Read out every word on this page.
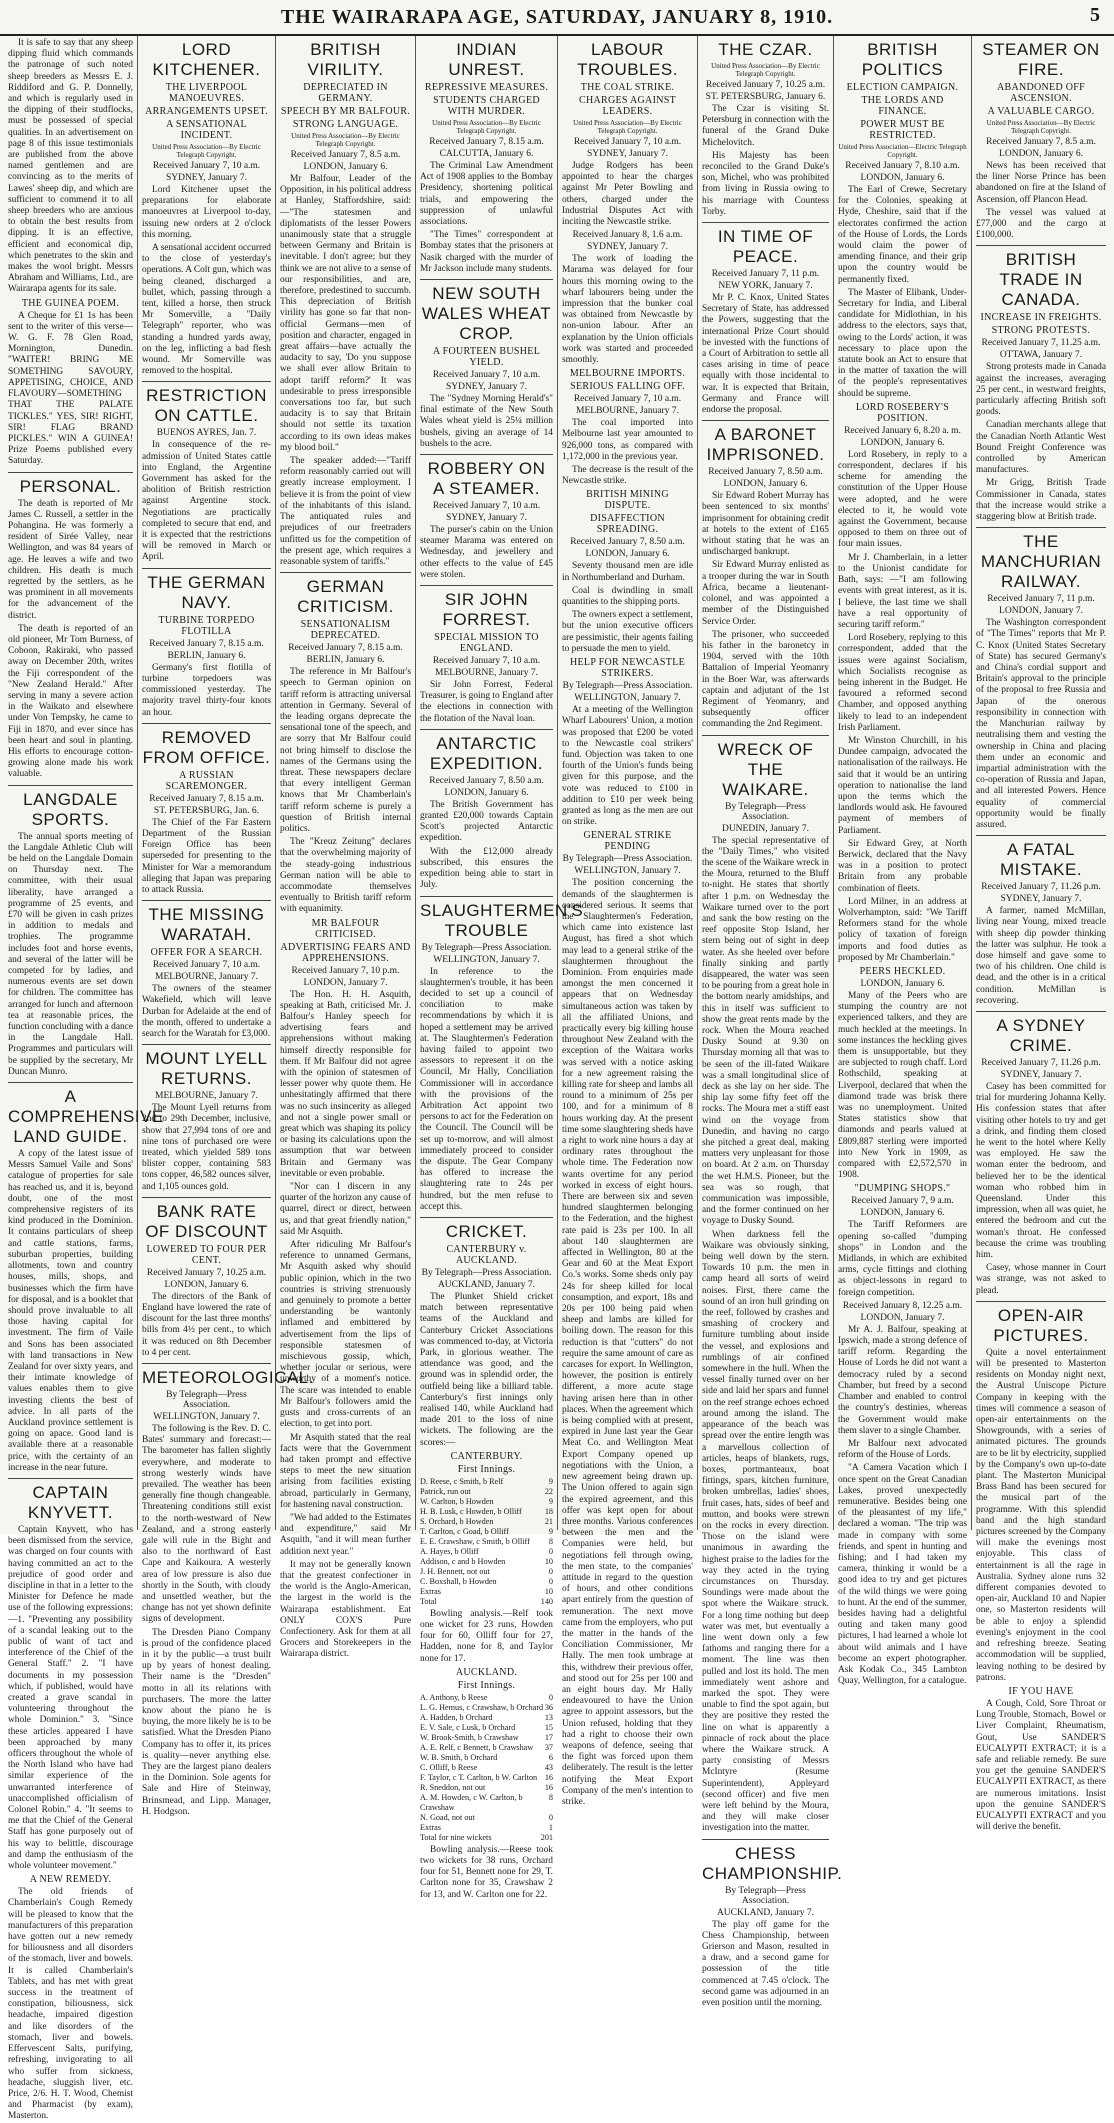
THE WAIRARAPA AGE, SATURDAY, JANUARY 8, 1910.	5

It is safe to say that any sheep dipping fluid which commands the patronage of such noted sheep breeders as Messrs E. J. Riddiford and G. P. Donnelly, and which is regularly used in the dipping of their studflocks, must be possessed of special qualities. In an advertisement on page 8 of this issue testimonials are published from the above named gentlemen and are convincing as to the merits of Lawes' sheep dip, and which are sufficient to commend it to all sheep breeders who are anxious to obtain the best results from dipping. It is an effective, efficient and economical dip, which penetrates to the skin and makes the wool bright. Messrs Abraham and Williams, Ltd., are Wairarapa agents for its sale.

THE GUINEA POEM.

A Cheque for £1 1s has been sent to the writer of this verse—W. G. F. 78 Glen Road, Mornington, Dunedin. "WAITER! BRING ME SOMETHING SAVOURY, APPETISING, CHOICE, AND FLAVOURY—SOMETHING THAT THE PALATE TICKLES." YES, SIR! RIGHT, SIR! FLAG BRAND PICKLES." WIN A GUINEA! Prize Poems published every Saturday.

PERSONAL.

The death is reported of Mr James C. Russell, a settler in the Pohangina. He was formerly a resident of Sirée Valley, near Wellington, and was 84 years of age. He leaves a wife and two children. His death is much regretted by the settlers, as he was prominent in all movements for the advancement of the district.

The death is reported of an old pioneer, Mr Tom Burness, of Coboon, Rakiraki, who passed away on December 20th, writes the Fiji correspondent of the "New Zealand Herald." After serving in many a severe action in the Waikato and elsewhere under Von Tempsky, he came to Fiji in 1870, and ever since has been heart and soul in planting. His efforts to encourage cotton-growing alone made his work valuable.

LANGDALE SPORTS.

The annual sports meeting of the Langdale Athletic Club will be held on the Langdale Domain on Thursday next. The committee, with their usual liberality, have arranged a programme of 25 events, and £70 will be given in cash prizes in addition to medals and trophies. The programme includes foot and horse events, and several of the latter will be competed for by ladies, and numerous events are set down for children. The committee has arranged for lunch and afternoon tea at reasonable prices, the function concluding with a dance in the Langdale Hall. Programmes and particulars will be supplied by the secretary, Mr Duncan Munro.

A COMPREHENSIVE LAND GUIDE.

A copy of the latest issue of Messrs Samuel Vaile and Sons' catalogue of properties for sale has reached us, and it is, beyond doubt, one of the most comprehensive registers of its kind produced in the Dominion. It contains particulars of sheep and cattle stations, farms, suburban properties, building allotments, town and country houses, mills, shops, and businesses which the firm have for disposal, and is a booklet that should prove invaluable to all those having capital for investment. The firm of Vaile and Sons has been associated with land transactions in New Zealand for over sixty years, and their intimate knowledge of values enables them to give investing clients the best of advice. In all parts of the Auckland province settlement is going on apace. Good land is available there at a reasonable price, with the certainty of an increase in the near future.

CAPTAIN KNYVETT.

Captain Knyvett, who has been dismissed from the service, was charged on four counts with having committed an act to the prejudice of good order and discipline in that in a letter to the Minister for Defence he made use of the following expressions:—1. "Preventing any possibility of a scandal leaking out to the public of want of tact and interference of the Chief of the General Staff." 2. "I have documents in my possession which, if published, would have created a grave scandal in volunteering throughout the whole Dominion." 3. "Since these articles appeared I have been approached by many officers throughout the whole of the North Island who have had similar experience of the unwarranted interference of unaccomplished officialism of Colonel Robin." 4. "It seems to me that the Chief of the General Staff has gone purposely out of his way to belittle, discourage and damp the enthusiasm of the whole volunteer movement."

A NEW REMEDY.

The old friends of Chamberlain's Cough Remedy will be pleased to know that the manufacturers of this preparation have gotten out a new remedy for biliousness and all disorders of the stomach, liver and bowels. It is called Chamberlain's Tablets, and has met with great success in the treatment of constipation, biliousness, sick headache, impaired digestion and like disorders of the stomach, liver and bowels. Effervescent Salts, purifying, refreshing, invigorating to all who suffer from sickness, headache, sluggish liver, etc. Price, 2/6. H. T. Wood, Chemist and Pharmacist (by exam), Masterton.

LORD KITCHENER.
THE LIVERPOOL MANOEUVRES.
ARRANGEMENTS UPSET.
A SENSATIONAL INCIDENT.
United Press Association—By Electric Telegraph Copyright.
Received January 7, 10 a.m.
SYDNEY, January 7.

Lord Kitchener upset the preparations for elaborate manoeuvres at Liverpool to-day, issuing new orders at 2 o'clock this morning.

A sensational accident occurred to the close of yesterday's operations. A Colt gun, which was being cleaned, discharged a bullet, which, passing through a tent, killed a horse, then struck Mr Somerville, a "Daily Telegraph" reporter, who was standing a hundred yards away, on the leg, inflicting a bad flesh wound. Mr Somerville was removed to the hospital.

RESTRICTION ON CATTLE.
BUENOS AYRES, Jan. 7.

In consequence of the re-admission of United States cattle into England, the Argentine Government has asked for the abolition of British restriction against Argentine stock. Negotiations are practically completed to secure that end, and it is expected that the restrictions will be removed in March or April.

THE GERMAN NAVY.
TURBINE TORPEDO FLOTILLA
Received January 7, 8.15 a.m.
BERLIN, January 6.

Germany's first flotilla of turbine torpedoers was commissioned yesterday. The majority travel thirty-four knots an hour.

REMOVED FROM OFFICE.
A RUSSIAN SCAREMONGER.
Received January 7, 8.15 a.m.
ST. PETERSBURG, Jan. 6.

The Chief of the Far Eastern Department of the Russian Foreign Office has been superseded for presenting to the Minister for War a memorandum alleging that Japan was preparing to attack Russia.

THE MISSING WARATAH.
OFFER FOR A SEARCH.
Received January 7, 10 a.m.
MELBOURNE, January 7.

The owners of the steamer Wakefield, which will leave Durban for Adelaide at the end of the month, offered to undertake a search for the Waratah for £3,000.

MOUNT LYELL RETURNS.
MELBOURNE, January 7.

The Mount Lyell returns from 2nd to 29th December, inclusive, show that 27,994 tons of ore and nine tons of purchased ore were treated, which yielded 589 tons blister copper, containing 583 tons copper, 46,582 ounces silver, and 1,105 ounces gold.

BANK RATE OF DISCOUNT
LOWERED TO FOUR PER CENT.
Received January 7, 10.25 a.m.
LONDON, January 6.

The directors of the Bank of England have lowered the rate of discount for the last three months' bills from 4½ per cent., to which it was reduced on 8th December to 4 per cent.

METEOROLOGICAL.
By Telegraph—Press Association.
WELLINGTON, January 7.

The following is the Rev. D. C. Bates' summary and forecast:—The barometer has fallen slightly everywhere, and moderate to strong westerly winds have prevailed. The weather has been generally fine though changeable. Threatening conditions still exist to the north-westward of New Zealand, and a strong easterly gale will rule in the Bight and also to the northward of East Cape and Kaikoura. A westerly area of low pressure is also due shortly in the South, with cloudy and unsettled weather, but the change has not yet shown definite signs of development.

The Dresden Piano Company is proud of the confidence placed in it by the public—a trust built up by years of honest dealing. Their name is the "Dresden" motto in all its relations with purchasers. The more the latter know about the piano he is buying, the more likely he is to be satisfied. What the Dresden Piano Company has to offer it, its prices is quality—never anything else. They are the largest piano dealers in the Dominion. Sole agents for Sale and Hire of Steinway, Brinsmead, and Lipp. Manager, H. Hodgson.

BRITISH VIRILITY.
DEPRECIATED IN GERMANY.
SPEECH BY MR BALFOUR.
STRONG LANGUAGE.
United Press Association—By Electric Telegraph Copyright.
Received January 7, 8.5 a.m.
LONDON, January 6.

Mr Balfour, Leader of the Opposition, in his political address at Hanley, Staffordshire, said:—"The statesmen and diplomatists of the lesser Powers unanimously state that a struggle between Germany and Britain is inevitable. I don't agree; but they think we are not alive to a sense of our responsibilities, and are, therefore, predestined to succumb. This depreciation of British virility has gone so far that non-official Germans—men of position and character, engaged in great affairs—have actually the audacity to say, 'Do you suppose we shall ever allow Britain to adopt tariff reform?' It was undesirable to press irresponsible conversations too far, but such audacity is to say that Britain should not settle its taxation according to its own ideas makes my blood boil."

The speaker added:—"Tariff reform reasonably carried out will greatly increase employment. I believe it is from the point of view of the inhabitants of this island. The antiquated rules and prejudices of our freetraders unfitted us for the competition of the present age, which requires a reasonable system of tariffs."

GERMAN CRITICISM.
SENSATIONALISM DEPRECATED.
Received January 7, 8.15 a.m.
BERLIN, January 6.

The reference in Mr Balfour's speech to German opinion on tariff reform is attracting universal attention in Germany. Several of the leading organs deprecate the sensational tone of the speech, and are sorry that Mr Balfour could not bring himself to disclose the names of the Germans using the threat. These newspapers declare that every intelligent German knows that Mr Chamberlain's tariff reform scheme is purely a question of British internal politics.

The "Kreuz Zeitung" declares that the overwhelming majority of the steady-going industrious German nation will be able to accommodate themselves eventually to British tariff reform with equanimity.

MR BALFOUR CRITICISED.
ADVERTISING FEARS AND APPREHENSIONS.
Received January 7, 10 p.m.
LONDON, January 7.

The Hon. H. H. Asquith, speaking at Bath, criticised Mr. J. Balfour's Hanley speech for advertising fears and apprehensions without making himself directly responsible for them. If Mr Balfour did not agree with the opinion of statesmen of lesser power why quote them. He unhesitatingly affirmed that there was no such insincerity as alleged and not a single power small or great which was shaping its policy or basing its calculations upon the assumption that war between Britain and Germany was inevitable or even probable.

"Nor can I discern in any quarter of the horizon any cause of quarrel, direct or direct, between us, and that great friendly nation," said Mr Asquith.

After ridiculing Mr Balfour's reference to unnamed Germans, Mr Asquith asked why should public opinion, which in the two countries is striving strenuously and genuinely to promote a better understanding be wantonly inflamed and embittered by advertisement from the lips of responsible statesmen of mischievous gossip, which, whether jocular or serious, were unworthy of a moment's notice. The scare was intended to enable Mr Balfour's followers amid the gusts and cross-currents of an election, to get into port.

Mr Asquith stated that the real facts were that the Government had taken prompt and effective steps to meet the new situation arising from facilities existing abroad, particularly in Germany, for hastening naval construction.

"We had added to the Estimates and expenditure," said Mr Asquith, "and it will mean further addition next year."

It may not be generally known that the greatest confectioner in the world is the Anglo-American, the largest in the world is the Wairarapa establishment. Eat ONLY COX'S Pure Confectionery. Ask for them at all Grocers and Storekeepers in the Wairarapa district.

INDIAN UNREST.
REPRESSIVE MEASURES.
STUDENTS CHARGED WITH MURDER.
United Press Association—By Electric Telegraph Copyright.
Received January 7, 8.15 a.m.
CALCUTTA, January 6.

The Criminal Law Amendment Act of 1908 applies to the Bombay Presidency, shortening political trials, and empowering the suppression of unlawful associations.

"The Times" correspondent at Bombay states that the prisoners at Nasik charged with the murder of Mr Jackson include many students.

NEW SOUTH WALES WHEAT CROP.
A FOURTEEN BUSHEL YIELD.
Received January 7, 10 a.m.
SYDNEY, January 7.

The "Sydney Morning Herald's" final estimate of the New South Wales wheat yield is 25¼ million bushels, giving an average of 14 bushels to the acre.

ROBBERY ON A STEAMER.
Received January 7, 10 a.m.
SYDNEY, January 7.

The purser's cabin on the Union steamer Marama was entered on Wednesday, and jewellery and other effects to the value of £45 were stolen.

SIR JOHN FORREST.
SPECIAL MISSION TO ENGLAND.
Received January 7, 10 a.m.
MELBOURNE, January 7.

Sir John Forrest, Federal Treasurer, is going to England after the elections in connection with the flotation of the Naval loan.

ANTARCTIC EXPEDITION.
Received January 7, 8.50 a.m.
LONDON, January 6.

The British Government has granted £20,000 towards Captain Scott's projected Antarctic expedition.

With the £12,000 already subscribed, this ensures the expedition being able to start in July.

SLAUGHTERMEN'S TROUBLE
By Telegraph—Press Association.
WELLINGTON, January 7.

In reference to the slaughtermen's trouble, it has been decided to set up a council of conciliation to make recommendations by which it is hoped a settlement may be arrived at. The Slaughtermen's Federation having failed to appoint two assessors to represent it on the Council, Mr Hally, Conciliation Commissioner will in accordance with the provisions of the Arbitration Act appoint two persons to act for the Federation on the Council. The Council will be set up to-morrow, and will almost immediately proceed to consider the dispute. The Gear Company has offered to increase the slaughtering rate to 24s per hundred, but the men refuse to accept this.

CRICKET.
CANTERBURY v. AUCKLAND.
By Telegraph—Press Association.
AUCKLAND, January 7.

The Plunket Shield cricket match between representative teams of the Auckland and Canterbury Cricket Associations was commenced to-day, at Victoria Park, in glorious weather. The attendance was good, and the ground was in splendid order, the outfield being like a billiard table. Canterbury's first innings only realised 140, while Auckland had made 201 to the loss of nine wickets. The following are the scores:—

CANTERBURY.
First Innings.
D. Reese, c Smith, b Relf	9
Patrick, run out	22
W. Carlton, b Howden	9
H. B. Lusk, c Howden, b Olliff	18
S. Orchard, b Howden	21
T. Carlton, c Goad, b Olliff	9
E. E. Crawshaw, c Smith, b Olliff 8
A. Hayes, b Olliff	0
Addison, c and b Howden	10
J. H. Bennett, not out	0
C. Boxshall, b Howden	0
Extras	10
Total	140

Bowling analysis.—Relf took one wicket for 23 runs, Howden four for 60, Olliff four for 27, Hadden, none for 8, and Taylor none for 17.

AUCKLAND.
First Innings.
A. Anthony, b Reese	0
L. G. Hemus, c Crawshaw, b Orchard 36
A. Hadden, b Orchard	13
E. V. Sale, c Lusk, b Orchard	15
W. Brook-Smith, b Crawshaw	17
A. E. Relf, c Bennett, b Crawshaw 37
W. B. Smith, b Orchard	6
C. Olliff, b Reese	43
F. Taylor, c T. Carlton, b W. Carlton 16
R. Sneddon, not out	16
A. M. Howden, c W. Carlton, b Crawshaw
8
N. Goad, not out	0
Extras	1
Total for nine wickets	201

Bowling analysis.—Reese took two wickets for 38 runs, Orchard four for 51, Bennett none for 29, T. Carlton none for 35, Crawshaw 2 for 13, and W. Carlton one for 22.

LABOUR TROUBLES.
THE COAL STRIKE.
CHARGES AGAINST LEADERS.
United Press Association—By Electric Telegraph Copyright.
Received January 7, 10 a.m.
SYDNEY, January 7.

Judge Rodgers has been appointed to hear the charges against Mr Peter Bowling and others, charged under the Industrial Disputes Act with inciting the Newcastle strike.

Received January 8, 1.6 a.m.
SYDNEY, January 7.

The work of loading the Marama was delayed for four hours this morning owing to the wharf labourers being under the impression that the bunker coal was obtained from Newcastle by non-union labour. After an explanation by the Union officials work was started and proceeded smoothly.

MELBOURNE IMPORTS.
SERIOUS FALLING OFF.
Received January 7, 10 a.m.
MELBOURNE, January 7.

The coal imported into Melbourne last year amounted to 926,000 tons, as compared with 1,172,000 in the previous year.

The decrease is the result of the Newcastle strike.

BRITISH MINING DISPUTE.
DISAFFECTION SPREADING.
Received January 7, 8.50 a.m.
LONDON, January 6.

Seventy thousand men are idle in Northumberland and Durham.

Coal is dwindling in small quantities to the shipping ports.

The owners expect a settlement, but the union executive officers are pessimistic, their agents failing to persuade the men to yield.

HELP FOR NEWCASTLE STRIKERS.
By Telegraph—Press Association.
WELLINGTON, January 7.

At a meeting of the Wellington Wharf Labourers' Union, a motion was proposed that £200 be voted to the Newcastle coal strikers' fund. Objection was taken to one fourth of the Union's funds being given for this purpose, and the vote was reduced to £100 in addition to £10 per week being granted as long as the men are out on strike.

GENERAL STRIKE PENDING
By Telegraph—Press Association.
WELLINGTON, January 7.

The position concerning the demands of the slaughtermen is considered serious. It seems that the Slaughtermen's Federation, which came into existence last August, has fired a shot which may lead to a general strike of the slaughtermen throughout the Dominion. From enquiries made amongst the men concerned it appears that on Wednesday simultaneous action was taken by all the affiliated Unions, and practically every big killing house throughout New Zealand with the exception of the Waitara works was served with a notice asking for a new agreement raising the killing rate for sheep and lambs all round to a minimum of 25s per 100, and for a minimum of 8 hours working day. At the present time some slaughtering sheds have a right to work nine hours a day at ordinary rates throughout the whole time. The Federation now wants overtime for any period worked in excess of eight hours. There are between six and seven hundred slaughtermen belonging to the Federation, and the highest rate paid is 23s per 100. In all about 140 slaughtermen are affected in Wellington, 80 at the Gear and 60 at the Meat Export Co.'s works. Some sheds only pay 24s for sheep killed for local consumption, and export, 18s and 20s per 100 being paid when sheep and lambs are killed for boiling down. The reason for this reduction is that "cutters" do not require the same amount of care as carcases for export. In Wellington, however, the position is entirely different, a more acute stage having arisen here than in other places. When the agreement which is being complied with at present, expired in June last year the Gear Meat Co. and Wellington Meat Export Company opened up negotiations with the Union, a new agreement being drawn up. The Union offered to again sign the expired agreement, and this offer was kept open for about three months. Various conferences between the men and the Companies were held, but negotiations fell through owing, the men state, to the companies' attitude in regard to the question of hours, and other conditions apart entirely from the question of remuneration. The next move came from the employers, who put the matter in the hands of the Conciliation Commissioner, Mr Hally. The men took umbrage at this, withdrew their previous offer, and stood out for 25s per 100 and an eight hours day. Mr Hally endeavoured to have the Union agree to appoint assessors, but the Union refused, holding that they had a right to choose their own weapons of defence, seeing that the fight was forced upon them deliberately. The result is the letter notifying the Meat Export Company of the men's intention to strike.

THE CZAR.
United Press Association—By Electric Telegraph Copyright.
Received January 7, 10.25 a.m.
ST. PETERSBURG, January 6.

The Czar is visiting St. Petersburg in connection with the funeral of the Grand Duke Michelovitch.

His Majesty has been reconciled to the Grand Duke's son, Michel, who was prohibited from living in Russia owing to his marriage with Countess Torby.

IN TIME OF PEACE.
Received January 7, 11 p.m.
NEW YORK, January 7.

Mr P. C. Knox, United States Secretary of State, has addressed the Powers, suggesting that the international Prize Court should be invested with the functions of a Court of Arbitration to settle all cases arising in time of peace equally with those incidental to war. It is expected that Britain, Germany and France will endorse the proposal.

A BARONET IMPRISONED.
Received January 7, 8.50 a.m.
LONDON, January 6.

Sir Edward Robert Murray has been sentenced to six months' imprisonment for obtaining credit at hotels to the extent of £165 without stating that he was an undischarged bankrupt.

Sir Edward Murray enlisted as a trooper during the war in South Africa, became a lieutenant-colonel, and was appointed a member of the Distinguished Service Order.

The prisoner, who succeeded his father in the baronetcy in 1904, served with the 10th Battalion of Imperial Yeomanry in the Boer War, was afterwards captain and adjutant of the 1st Regiment of Yeomanry, and subsequently officer commanding the 2nd Regiment.

WRECK OF THE WAIKARE.
By Telegraph—Press Association.
DUNEDIN, January 7.

The special representative of the "Daily Times," who visited the scene of the Waikare wreck in the Moura, returned to the Bluff to-night. He states that shortly after 1 p.m. on Wednesday the Waikare turned over to the port and sank the bow resting on the reef opposite Stop Island, her stern being out of sight in deep water. As she heeled over before finally sinking and partly disappeared, the water was seen to be pouring from a great hole in the bottom nearly amidships, and this in itself was sufficient to show the great rents made by the rock. When the Moura reached Dusky Sound at 9.30 on Thursday morning all that was to be seen of the ill-fated Waikare was a small longitudinal slice of deck as she lay on her side. The ship lay some fifty feet off the rocks. The Moura met a stiff east wind on the voyage from Dunedin, and having no cargo she pitched a great deal, making matters very unpleasant for those on board. At 2 a.m. on Thursday the wet H.M.S. Pioneer, but the sea was so rough, that communication was impossible, and the former continued on her voyage to Dusky Sound.

When darkness fell the Waikare was obviously sinking, being well down by the stern. Towards 10 p.m. the men in camp heard all sorts of weird noises. First, there came the sound of an iron hull grinding on the reef, followed by crashes and smashing of crockery and furniture tumbling about inside the vessel, and explosions and rumblings of air confined somewhere in the hull. When the vessel finally turned over on her side and laid her spars and funnel on the reef strange echoes echoed around among the island. The appearance of the beach was spread over the entire length was a marvellous collection of articles, heaps of blankets, rugs, boxes, portmanteaux, boat fittings, spars, kitchen furniture, broken umbrellas, ladies' shoes, fruit cases, hats, sides of beef and mutton, and books were strewn on the rocks in every direction. Those on the island were unanimous in awarding the highest praise to the ladies for the way they acted in the trying circumstances on Thursday. Soundings were made about the spot where the Waikare struck. For a long time nothing but deep water was met, but eventually a line went down only a few fathoms and ranging there for a moment. The line was then pulled and lost its hold. The men immediately went ashore and marked the spot. They were unable to find the spot again, but they are positive they rested the line on what is apparently a pinnacle of rock about the place where the Waikare struck. A party consisting of Messrs McIntyre (Resume Superintendent), Appleyard (second officer) and five men were left behind by the Moura, and they will make closer investigation into the matter.

CHESS CHAMPIONSHIP.
By Telegraph—Press Association.
AUCKLAND, January 7.

The play off game for the Chess Championship, between Grierson and Mason, resulted in a draw, and a second game for possession of the title commenced at 7.45 o'clock. The second game was adjourned in an even position until the morning.

BRITISH POLITICS
ELECTION CAMPAIGN.
THE LORDS AND FINANCE.
POWER MUST BE RESTRICTED.
United Press Association—Electric Telegraph Copyright.
Received January 7, 8.10 a.m.
LONDON, January 6.

The Earl of Crewe, Secretary for the Colonies, speaking at Hyde, Cheshire, said that if the electorates confirmed the action of the House of Lords, the Lords would claim the power of amending finance, and their grip upon the country would be permanently fixed.

The Master of Elibank, Under-Secretary for India, and Liberal candidate for Midlothian, in his address to the electors, says that, owing to the Lords' action, it was necessary to place upon the statute book an Act to ensure that in the matter of taxation the will of the people's representatives should be supreme.

LORD ROSEBERY'S POSITION.
Received January 6, 8.20 a. m.
LONDON, January 6.

Lord Rosebery, in reply to a correspondent, declares if his scheme for amending the constitution of the Upper House were adopted, and he were elected to it, he would vote against the Government, because opposed to them on three out of four main issues.

Mr J. Chamberlain, in a letter to the Unionist candidate for Bath, says: —"I am following events with great interest, as it is. I believe, the last time we shall have a real opportunity of securing tariff reform."

Lord Rosebery, replying to this correspondent, added that the issues were against Socialism, which Socialists recognise as being inherent in the Budget. He favoured a reformed second Chamber, and opposed anything likely to lead to an independent Irish Parliament.

Mr Winston Churchill, in his Dundee campaign, advocated the nationalisation of the railways. He said that it would be an untiring operation to nationalise the land upon the terms which the landlords would ask. He favoured payment of members of Parliament.

Sir Edward Grey, at North Berwick, declared that the Navy was in a position to protect Britain from any probable combination of fleets.

Lord Milner, in an address at Wolverhampton, said: "We Tariff Reformers stand for the whole policy of taxation of foreign imports and food duties as proposed by Mr Chamberlain."

PEERS HECKLED.
LONDON, January 6.

Many of the Peers who are stumping the country are not experienced talkers, and they are much heckled at the meetings. In some instances the heckling gives them is unsupportable, but they are subjected to rough chaff. Lord Rothschild, speaking at Liverpool, declared that when the diamond trade was brisk there was no unemployment. United States statistics show that diamonds and pearls valued at £809,887 sterling were imported into New York in 1909, as compared with £2,572,570 in 1908.

"DUMPING SHOPS."
Received January 7, 9 a.m.
LONDON, January 6.

The Tariff Reformers are opening so-called "dumping shops" in London and the Midlands, in which are exhibited arms, cycle fittings and clothing as object-lessons in regard to foreign competition.

Received January 8, 12.25 a.m.
LONDON, January 7.

Mr A. J. Balfour, speaking at Ipswich, made a strong defence of tariff reform. Regarding the House of Lords he did not want a democracy ruled by a second Chamber, but freed by a second Chamber and enabled to control the country's destinies, whereas the Government would make them slaver to a single Chamber.

Mr Balfour next advocated reform of the House of Lords.

"A Camera Vacation which I once spent on the Great Canadian Lakes, proved unexpectedly remunerative. Besides being one of the pleasantest of my life," declared a woman. "The trip was made in company with some friends, and spent in hunting and fishing; and I had taken my camera, thinking it would be a good idea to try and get pictures of the wild things we were going to hunt. At the end of the summer, besides having had a delightful outing and taken many good pictures, I had learned a whole lot about wild animals and I have become an expert photographer. Ask Kodak Co., 345 Lambton Quay, Wellington, for a catalogue.

STEAMER ON FIRE.
ABANDONED OFF ASCENSION.
A VALUABLE CARGO.
United Press Association—By Electric Telegraph Copyright.
Received January 7, 8.5 a.m.
LONDON, January 6.

News has been received that the liner Norse Prince has been abandoned on fire at the Island of Ascension, off Plancon Head.

The vessel was valued at £77,000 and the cargo at £100,000.

BRITISH TRADE IN CANADA.
INCREASE IN FREIGHTS.
STRONG PROTESTS.
Received January 7, 11.25 a.m.
OTTAWA, January 7.

Strong protests made in Canada against the increases, averaging 25 per cent., in westward freights, particularly affecting British soft goods.

Canadian merchants allege that the Canadian North Atlantic West Bound Freight Conference was controlled by American manufactures.

Mr Grigg, British Trade Commissioner in Canada, states that the increase would strike a staggering blow at British trade.

THE MANCHURIAN RAILWAY.
Received January 7, 11 p.m.
LONDON, January 7.

The Washington correspondent of "The Times" reports that Mr P. C. Knox (United States Secretary of State) has secured Germany's and China's cordial support and Britain's approval to the principle of the proposal to free Russia and Japan of the onerous responsibility in connection with the Manchurian railway by neutralising them and vesting the ownership in China and placing them under an economic and impartial administration with the co-operation of Russia and Japan, and all interested Powers. Hence equality of commercial opportunity would be finally assured.

A FATAL MISTAKE.
Received January 7, 11.26 p.m.
SYDNEY, January 7.

A farmer, named McMillan, living near Young, mixed treacle with sheep dip powder thinking the latter was sulphur. He took a dose himself and gave some to two of his children. One child is dead, and the other is in a critical condition. McMillan is recovering.

A SYDNEY CRIME.
Received January 7, 11.26 p.m.
SYDNEY, January 7.

Casey has been committed for trial for murdering Johanna Kelly. His confession states that after visiting other hotels to try and get a drink, and finding them closed he went to the hotel where Kelly was employed. He saw the woman enter the bedroom, and believed her to be the identical woman who robbed him in Queensland. Under this impression, when all was quiet, he entered the bedroom and cut the woman's throat. He confessed because the crime was troubling him.

Casey, whose manner in Court was strange, was not asked to plead.

OPEN-AIR PICTURES.

Quite a novel entertainment will be presented to Masterton residents on Monday night next, the Austral Uniscope Picture Company in keeping with the times will commence a season of open-air entertainments on the Showgrounds, with a series of animated pictures. The grounds are to be lit by electricity, supplied by the Company's own up-to-date plant. The Masterton Municipal Brass Band has been secured for the musical part of the programme. With this splendid band and the high standard pictures screened by the Company will make the evenings most enjoyable. This class of entertainment is all the rage in Australia. Sydney alone runs 32 different companies devoted to open-air, Auckland 10 and Napier one, so Masterton residents will be able to enjoy a splendid evening's enjoyment in the cool and refreshing breeze. Seating accommodation will be supplied, leaving nothing to be desired by patrons.

IF YOU HAVE

A Cough, Cold, Sore Throat or Lung Trouble, Stomach, Bowel or Liver Complaint, Rheumatism, Gout, Use SANDER'S EUCALYPTI EXTRACT; it is a safe and reliable remedy. Be sure you get the genuine SANDER'S EUCALYPTI EXTRACT, as there are numerous imitations. Insist upon the genuine SANDER'S EUCALYPTI EXTRACT and you will derive the benefit.
